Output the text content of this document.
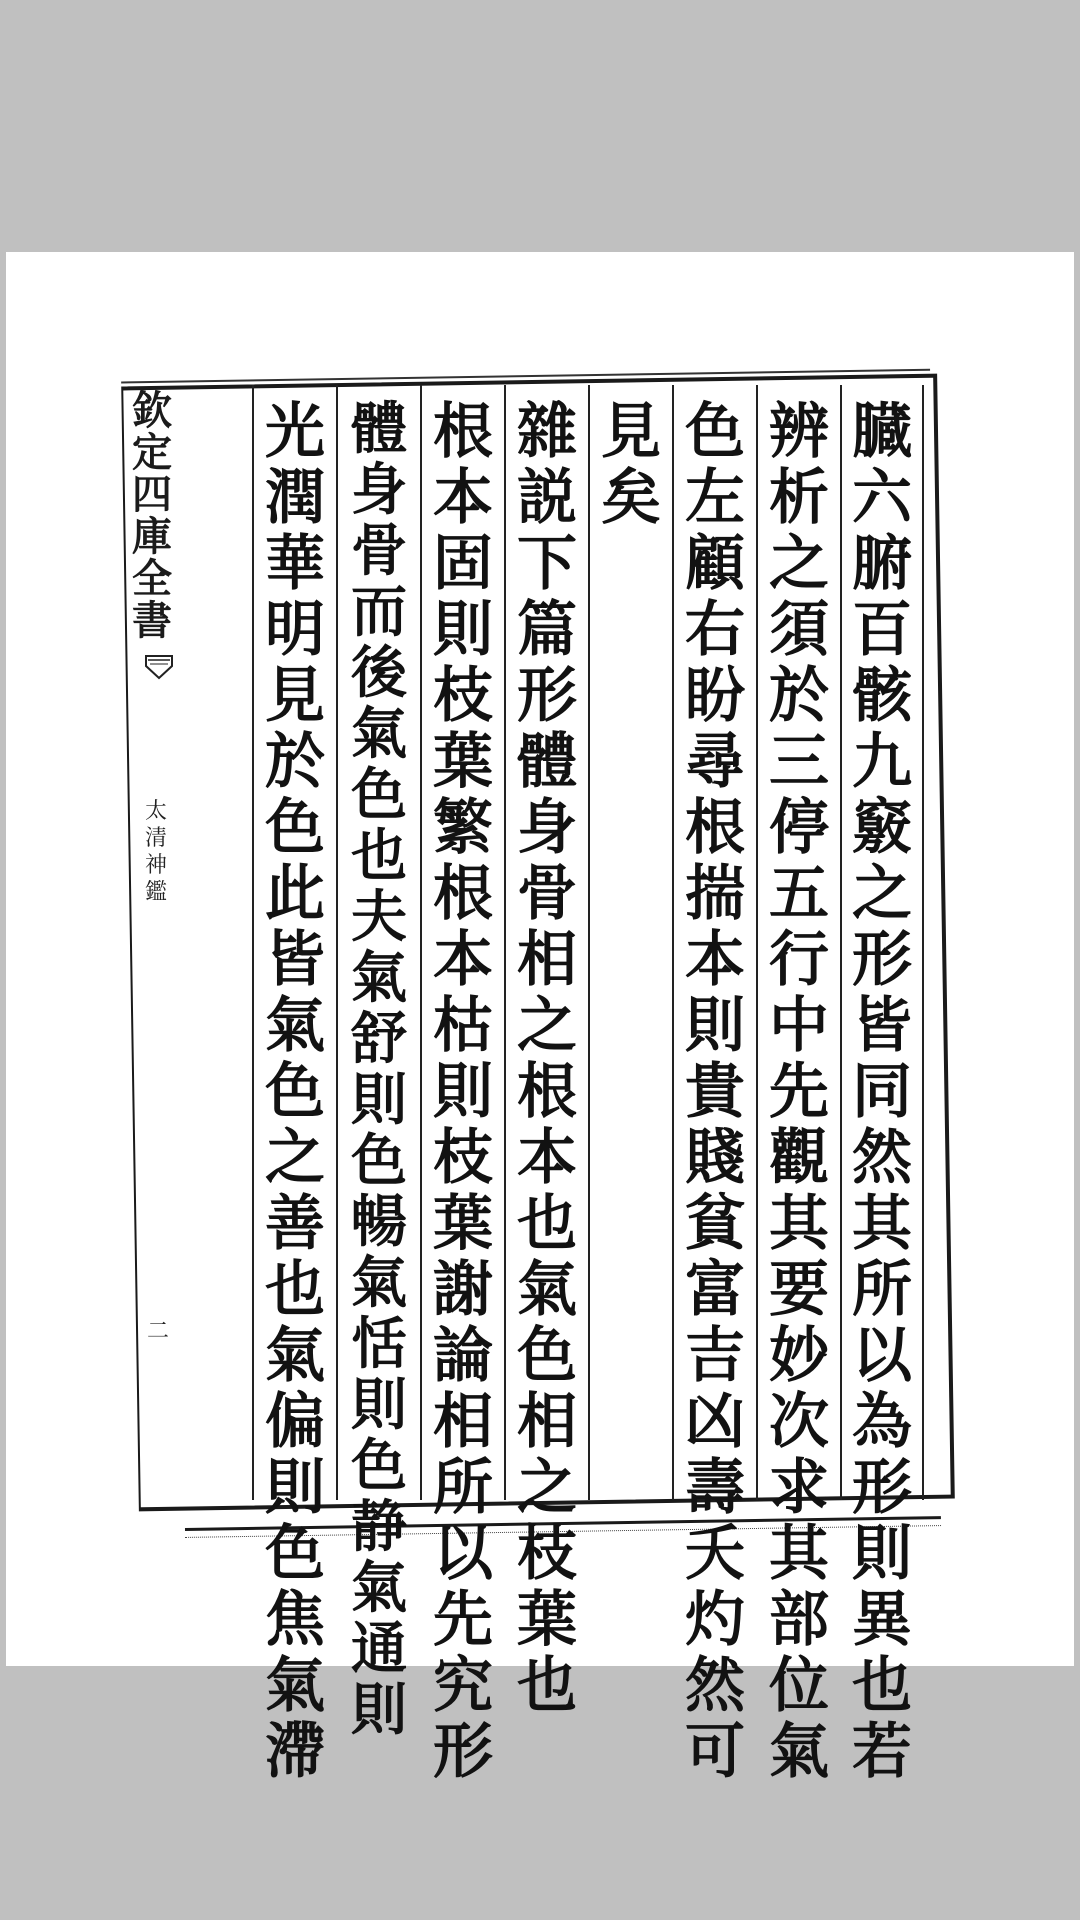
欽定四庫全書
太清神鑑
二
臓六腑百骸九竅之形皆同然其所以為形則異也若
辨析之須於三停五行中先觀其要妙次求其部位氣
色左顧右盼尋根揣本則貴賤貧富吉凶壽夭灼然可
見矣
雜説下篇　形體身骨相之根本也氣色相之枝葉也
根本固則枝葉繁根本枯則枝葉謝論相所以先究形
體身骨而後氣色也夫氣舒則色暢氣恬則色静氣通則
光潤華明見於色此皆氣色之善也氣偏則色焦氣滯
